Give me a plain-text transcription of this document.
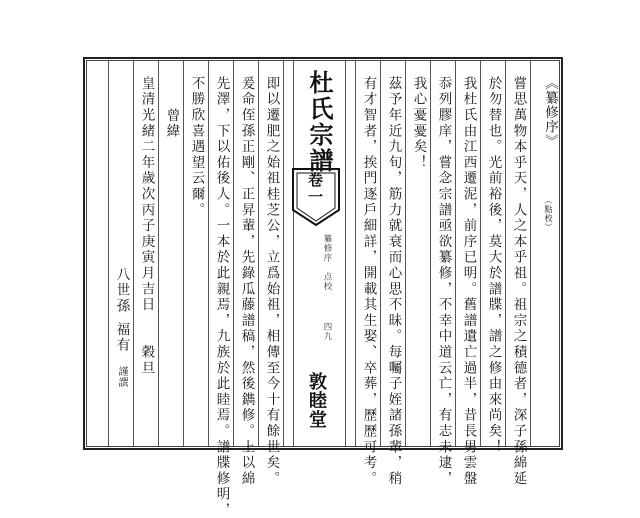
《纂修序》
（點校）
嘗思萬物本乎天，人之本乎祖。祖宗之積德者，深子孫綿延
於勿替也。光前裕後，莫大於譜牒，譜之修由來尚矣！
我杜氏由江西遷泥，前序已明。舊譜遺亡過半，昔長男雲盤
忝列膠庠，嘗念宗譜亟欲纂修，不幸中道云亡，有志未逮，
我心憂憂矣！
茲予年近九旬，筋力就衰而心思不昧。每囑子姪諸孫輩，稍
有才智者，挨門逐戶細詳，開載其生娶、卒葬，歷歷可考。
杜氏宗譜
卷一
纂修序　点校
四九
敦睦堂
即以遷肥之始祖桂芝公，立爲始祖，相傳至今十有餘世矣。
爰命侄孫正剛、正昇輩，先錄瓜藤譜稿，然後鐫修。上以綿
先澤，下以佑後人。一本於此親焉，九族於此睦焉。譜牒修明，
不勝欣喜遇望云爾。
曾緯
皇清光緒二年歲次丙子庚寅月吉日　　穀旦
八世孫
福有
謹譔
